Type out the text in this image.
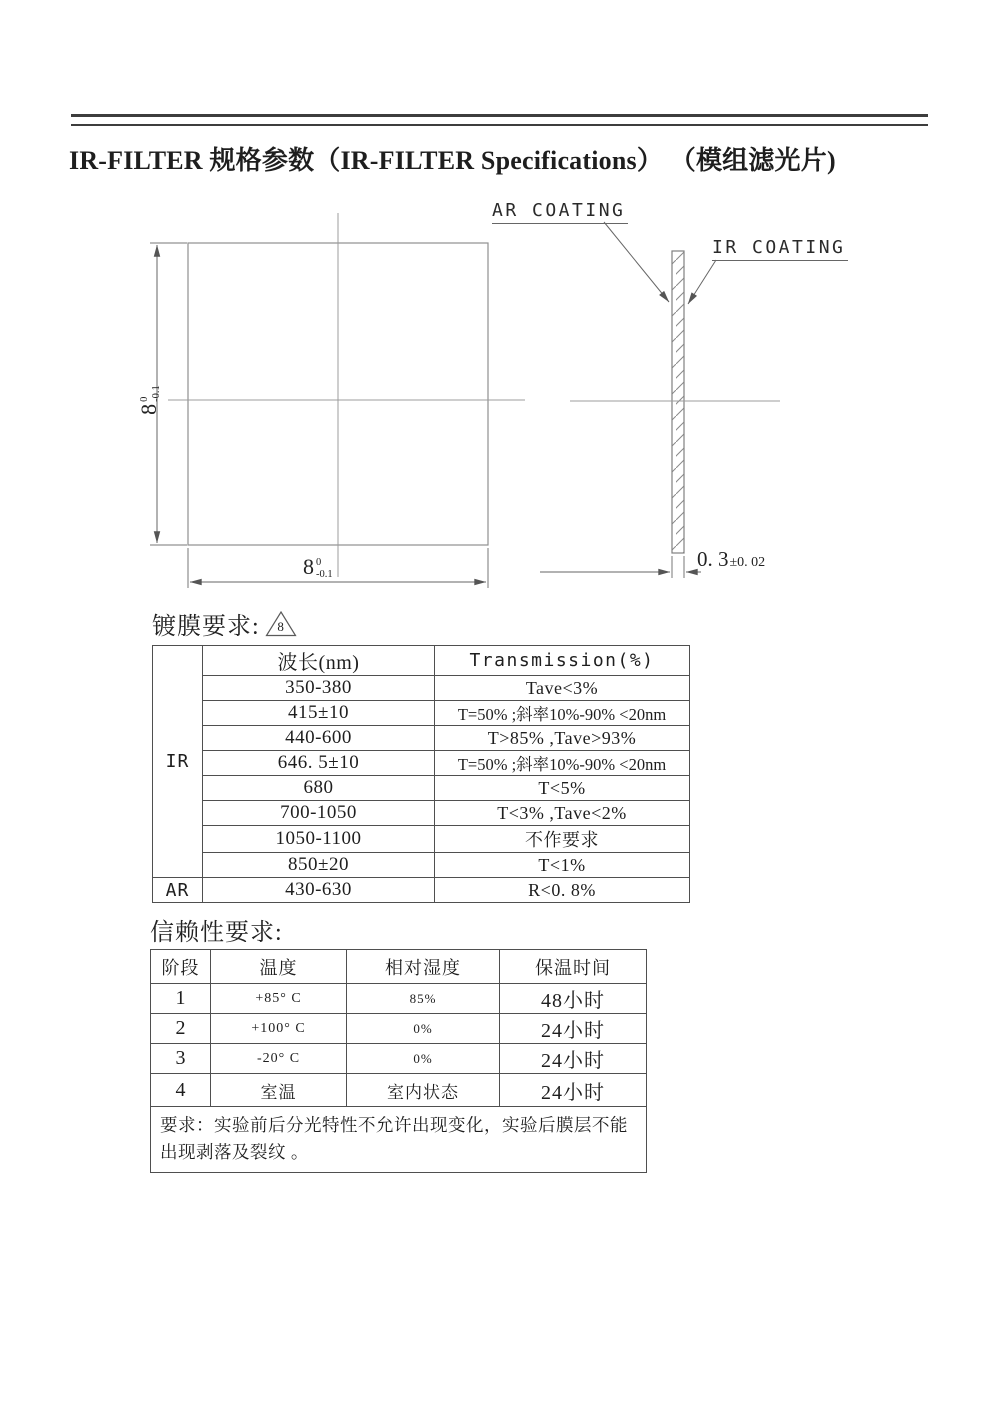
IR-FILTER 规格参数（IR-FILTER Specifications） （模组滤光片)
AR COATING
IR COATING
8
0 -0.1
8 0
-0.1
0. 3 ±0. 02
镀膜要求:	8
IR	波长(nm)	Transmission(%)
	350-380	Tave<3%
	415±10	T=50% ;斜率10%-90% <20nm
	440-600	T>85% ,Tave>93%
	646. 5±10	T=50% ;斜率10%-90% <20nm
	680	T<5%
	700-1050	T<3% ,Tave<2%
	1050-1100	不作要求
	850±20	T<1%
AR	430-630	R<0. 8%
信赖性要求:
阶段	温度	相对湿度	保温时间
1	+85° C	85%	48小时
2	+100° C	0%	24小时
3	-20° C	0%	24小时
4	室温	室内状态	24小时
要求：实验前后分光特性不允许出现变化，实验后膜层不能出现剥落及裂纹 。			
